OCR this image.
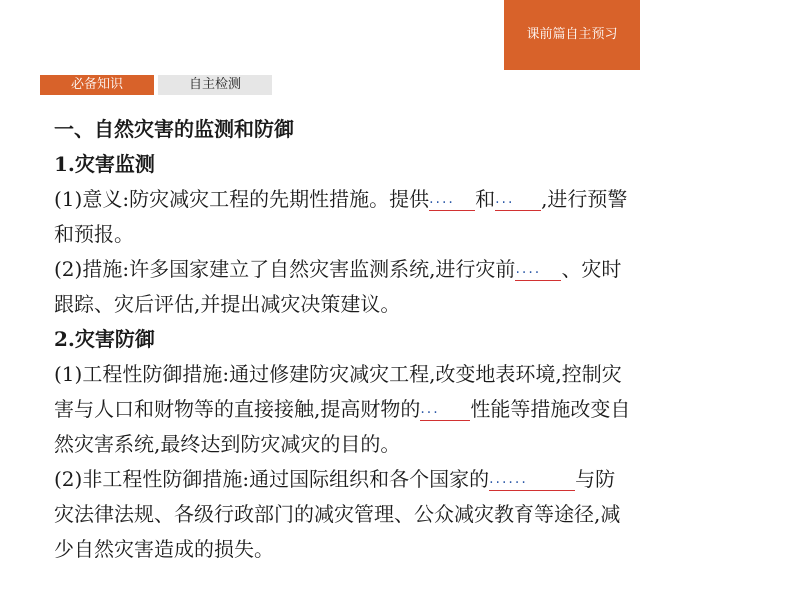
课前篇自主预习
必备知识	自主检测
一、自然灾害的监测和防御
1.灾害监测
(1)意义:防灾减灾工程的先期性措施。提供.... 和... ,进行预警
和预报。
(2)措施:许多国家建立了自然灾害监测系统,进行灾前.... 、灾时
跟踪、灾后评估,并提出减灾决策建议。
2.灾害防御
(1)工程性防御措施:通过修建防灾减灾工程,改变地表环境,控制灾
害与人口和财物等的直接接触,提高财物的... 性能等措施改变自
然灾害系统,最终达到防灾减灾的目的。
(2)非工程性防御措施:通过国际组织和各个国家的...... 与防
灾法律法规、各级行政部门的减灾管理、公众减灾教育等途径,减
少自然灾害造成的损失。
